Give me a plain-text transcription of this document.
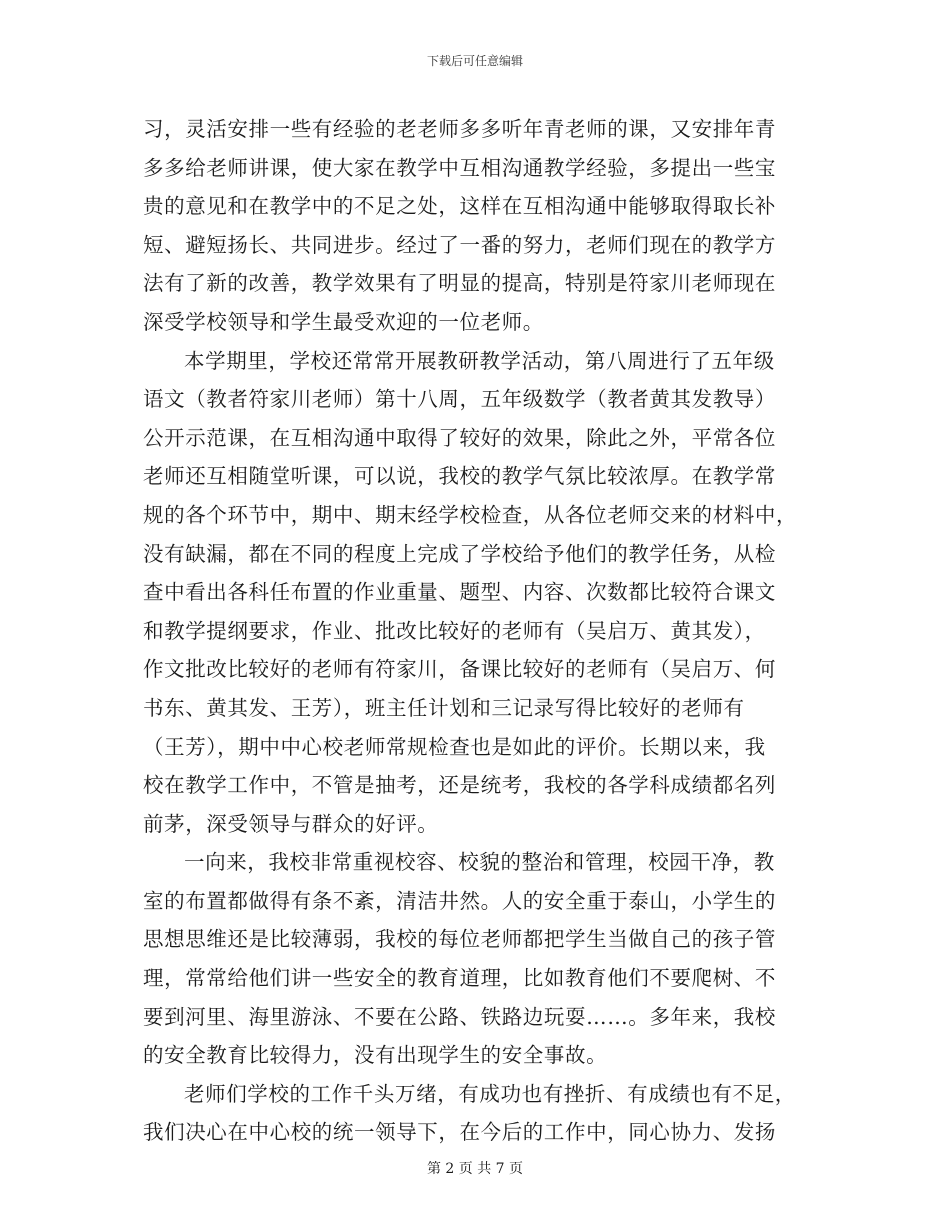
下载后可任意编辑
习，灵活安排一些有经验的老老师多多听年青老师的课，又安排年青
多多给老师讲课，使大家在教学中互相沟通教学经验，多提出一些宝
贵的意见和在教学中的不足之处，这样在互相沟通中能够取得取长补
短、避短扬长、共同进步。经过了一番的努力，老师们现在的教学方
法有了新的改善，教学效果有了明显的提高，特别是符家川老师现在
深受学校领导和学生最受欢迎的一位老师。
本学期里，学校还常常开展教研教学活动，第八周进行了五年级
语文（教者符家川老师）第十八周，五年级数学（教者黄其发教导）
公开示范课，在互相沟通中取得了较好的效果，除此之外，平常各位
老师还互相随堂听课，可以说，我校的教学气氛比较浓厚。在教学常
规的各个环节中，期中、期末经学校检查，从各位老师交来的材料中，
没有缺漏，都在不同的程度上完成了学校给予他们的教学任务，从检
查中看出各科任布置的作业重量、题型、内容、次数都比较符合课文
和教学提纲要求，作业、批改比较好的老师有（吴启万、黄其发），
作文批改比较好的老师有符家川，备课比较好的老师有（吴启万、何
书东、黄其发、王芳），班主任计划和三记录写得比较好的老师有
（王芳），期中中心校老师常规检查也是如此的评价。长期以来，我
校在教学工作中，不管是抽考，还是统考，我校的各学科成绩都名列
前茅，深受领导与群众的好评。
一向来，我校非常重视校容、校貌的整治和管理，校园干净，教
室的布置都做得有条不紊，清洁井然。人的安全重于泰山，小学生的
思想思维还是比较薄弱，我校的每位老师都把学生当做自己的孩子管
理，常常给他们讲一些安全的教育道理，比如教育他们不要爬树、不
要到河里、海里游泳、不要在公路、铁路边玩耍……。多年来，我校
的安全教育比较得力，没有出现学生的安全事故。
老师们学校的工作千头万绪，有成功也有挫折、有成绩也有不足，
我们决心在中心校的统一领导下，在今后的工作中，同心协力、发扬
第 2 页 共 7 页
